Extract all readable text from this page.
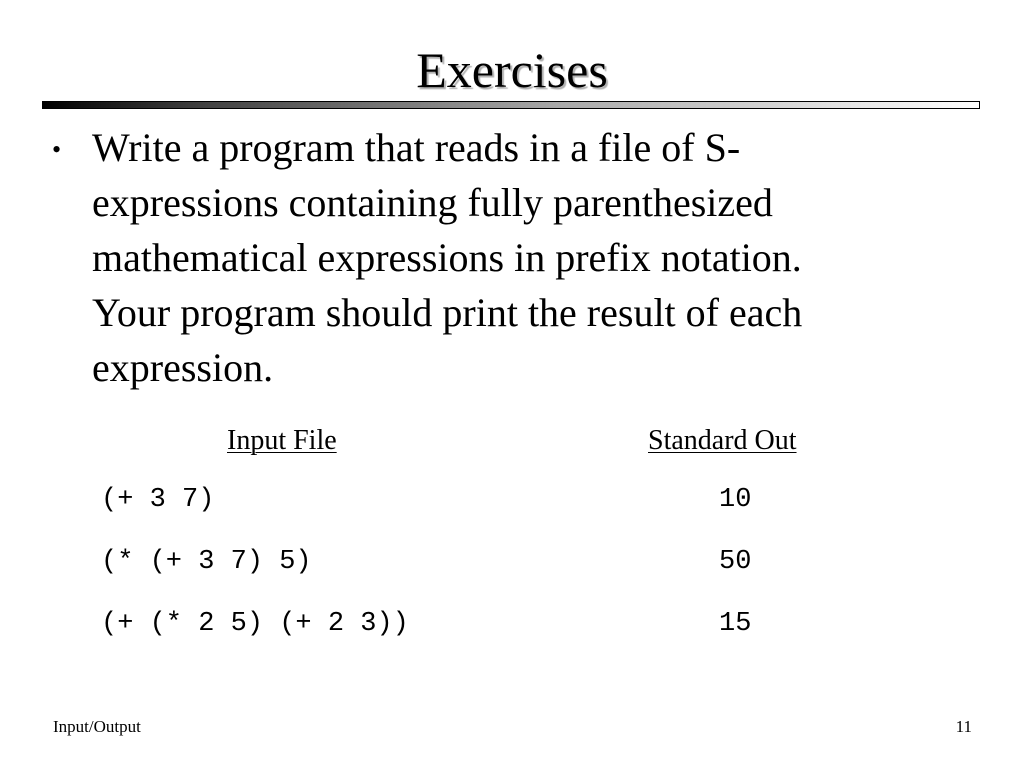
Exercises
• Write a program that reads in a file of S-
expressions containing fully parenthesized
mathematical expressions in prefix notation.
Your program should print the result of each
expression.
Input File	Standard Out
(+ 3 7)	10
(* (+ 3 7) 5)	50
(+ (* 2 5) (+ 2 3))	15
Input/Output	11
